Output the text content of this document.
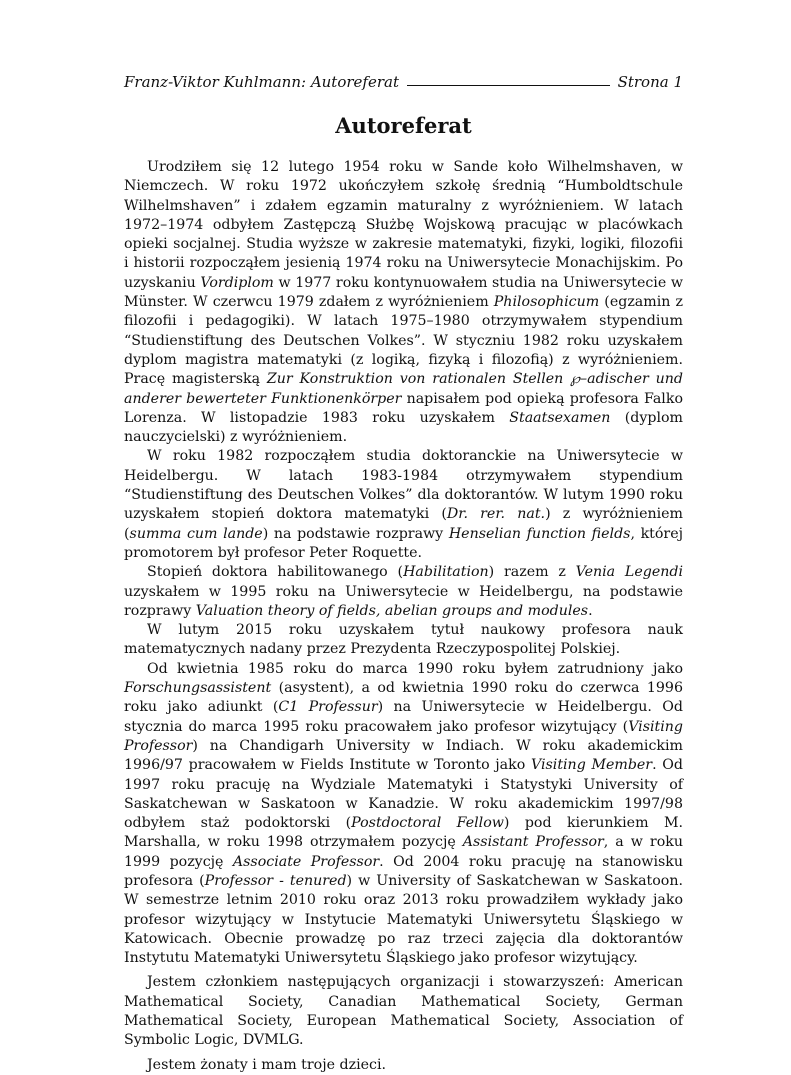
Franz-Viktor Kuhlmann: Autoreferat	Strona 1
Autoreferat

Urodziłem się 12 lutego 1954 roku w Sande koło Wilhelmshaven, w Niemczech. W roku 1972 ukończyłem szkołę średnią “Humboldtschule Wilhelmshaven” i zdałem egzamin maturalny z wyróżnieniem. W latach 1972–1974 odbyłem Zastępczą Służbę Wojskową pracując w placówkach opieki socjalnej. Studia wyższe w zakresie matematyki, fizyki, logiki, filozofii i historii rozpocząłem jesienią 1974 roku na Uniwersytecie Monachijskim. Po uzyskaniu Vordiplom w 1977 roku kontynuowałem studia na Uniwersytecie w Münster. W czerwcu 1979 zdałem z wyróżnieniem Philosophicum (egzamin z filozofii i pedagogiki). W latach 1975–1980 otrzymywałem stypendium “Studienstiftung des Deutschen Volkes”. W styczniu 1982 roku uzyskałem dyplom magistra matematyki (z logiką, fizyką i filozofią) z wyróżnieniem. Pracę magisterską Zur Konstruktion von rationalen Stellen ℘–adischer und anderer bewerteter Funktionenkörper napisałem pod opieką profesora Falko Lorenza. W listopadzie 1983 roku uzyskałem Staatsexamen (dyplom nauczycielski) z wyróżnieniem.

W roku 1982 rozpocząłem studia doktoranckie na Uniwersytecie w Heidelbergu. W latach 1983-1984 otrzymywałem stypendium “Studienstiftung des Deutschen Volkes” dla doktorantów. W lutym 1990 roku uzyskałem stopień doktora matematyki (Dr. rer. nat.) z wyróżnieniem (summa cum lande) na podstawie rozprawy Henselian function fields, której promotorem był profesor Peter Roquette.

Stopień doktora habilitowanego (Habilitation) razem z Venia Legendi uzyskałem w 1995 roku na Uniwersytecie w Heidelbergu, na podstawie rozprawy Valuation theory of fields, abelian groups and modules.

W lutym 2015 roku uzyskałem tytuł naukowy profesora nauk matematycznych nadany przez Prezydenta Rzeczypospolitej Polskiej.

Od kwietnia 1985 roku do marca 1990 roku byłem zatrudniony jako Forschungsassistent (asystent), a od kwietnia 1990 roku do czerwca 1996 roku jako adiunkt (C1 Professur) na Uniwersytecie w Heidelbergu. Od stycznia do marca 1995 roku pracowałem jako profesor wizytujący (Visiting Professor) na Chandigarh University w Indiach. W roku akademickim 1996/97 pracowałem w Fields Institute w Toronto jako Visiting Member. Od 1997 roku pracuję na Wydziale Matematyki i Statystyki University of Saskatchewan w Saskatoon w Kanadzie. W roku akademickim 1997/98 odbyłem staż podoktorski (Postdoctoral Fellow) pod kierunkiem M. Marshalla, w roku 1998 otrzymałem pozycję Assistant Professor, a w roku 1999 pozycję Associate Professor. Od 2004 roku pracuję na stanowisku profesora (Professor - tenured) w University of Saskatchewan w Saskatoon. W semestrze letnim 2010 roku oraz 2013 roku prowadziłem wykłady jako profesor wizytujący w Instytucie Matematyki Uniwersytetu Śląskiego w Katowicach. Obecnie prowadzę po raz trzeci zajęcia dla doktorantów Instytutu Matematyki Uniwersytetu Śląskiego jako profesor wizytujący.

Jestem członkiem następujących organizacji i stowarzyszeń: American Mathematical Society, Canadian Mathematical Society, German Mathematical Society, European Mathematical Society, Association of Symbolic Logic, DVMLG.

Jestem żonaty i mam troje dzieci.
